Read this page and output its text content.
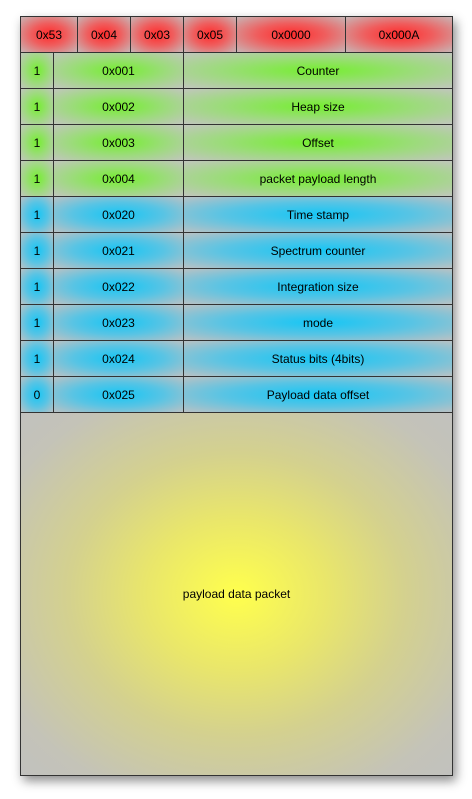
0x53	0x04	0x03	0x05	0x0000	0x000A
1	0x001	Counter
1	0x002	Heap size
1	0x003	Offset
1	0x004	packet payload length
1	0x020	Time stamp
1	0x021	Spectrum counter
1	0x022	Integration size
1	0x023	mode
1	0x024	Status bits (4bits)
0	0x025	Payload data offset
payload data packet
